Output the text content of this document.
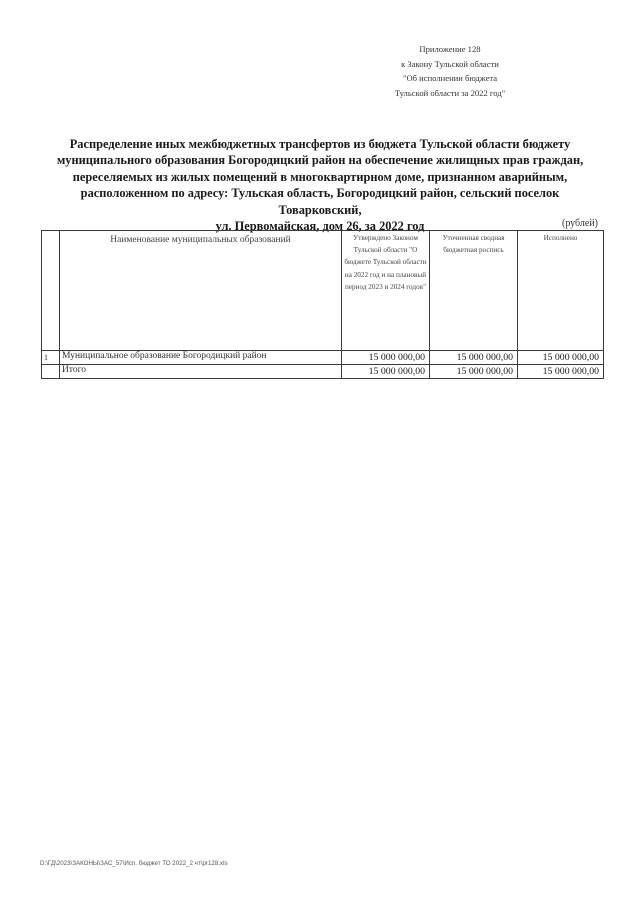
Приложение 128
к Закону Тульской области
"Об исполнении бюджета
Тульской области за 2022 год"
Распределение иных межбюджетных трансфертов из бюджета Тульской области бюджету
муниципального образования Богородицкий район на обеспечение жилищных прав граждан,
переселяемых из жилых помещений в многоквартирном доме, признанном аварийным,
расположенном по адресу: Тульская область, Богородицкий район, сельский поселок Товарковский,
ул. Первомайская, дом 26, за 2022 год	(рублей)
	Наименование муниципальных образований	Утверждено Законом Тульской области "О бюджете Тульской области на 2022 год и на плановый период 2023 и 2024 годов"	Уточненная сводная бюджетная роспись	Исполнено
1	Муниципальное образование Богородицкий район	15 000 000,00	15 000 000,00	15 000 000,00
	Итого	15 000 000,00	15 000 000,00	15 000 000,00
D:\ГД\2023\ЗАКОНЫ\ЗАС_57\Исп. бюджет ТО 2022_2 чт\pr128.xls
